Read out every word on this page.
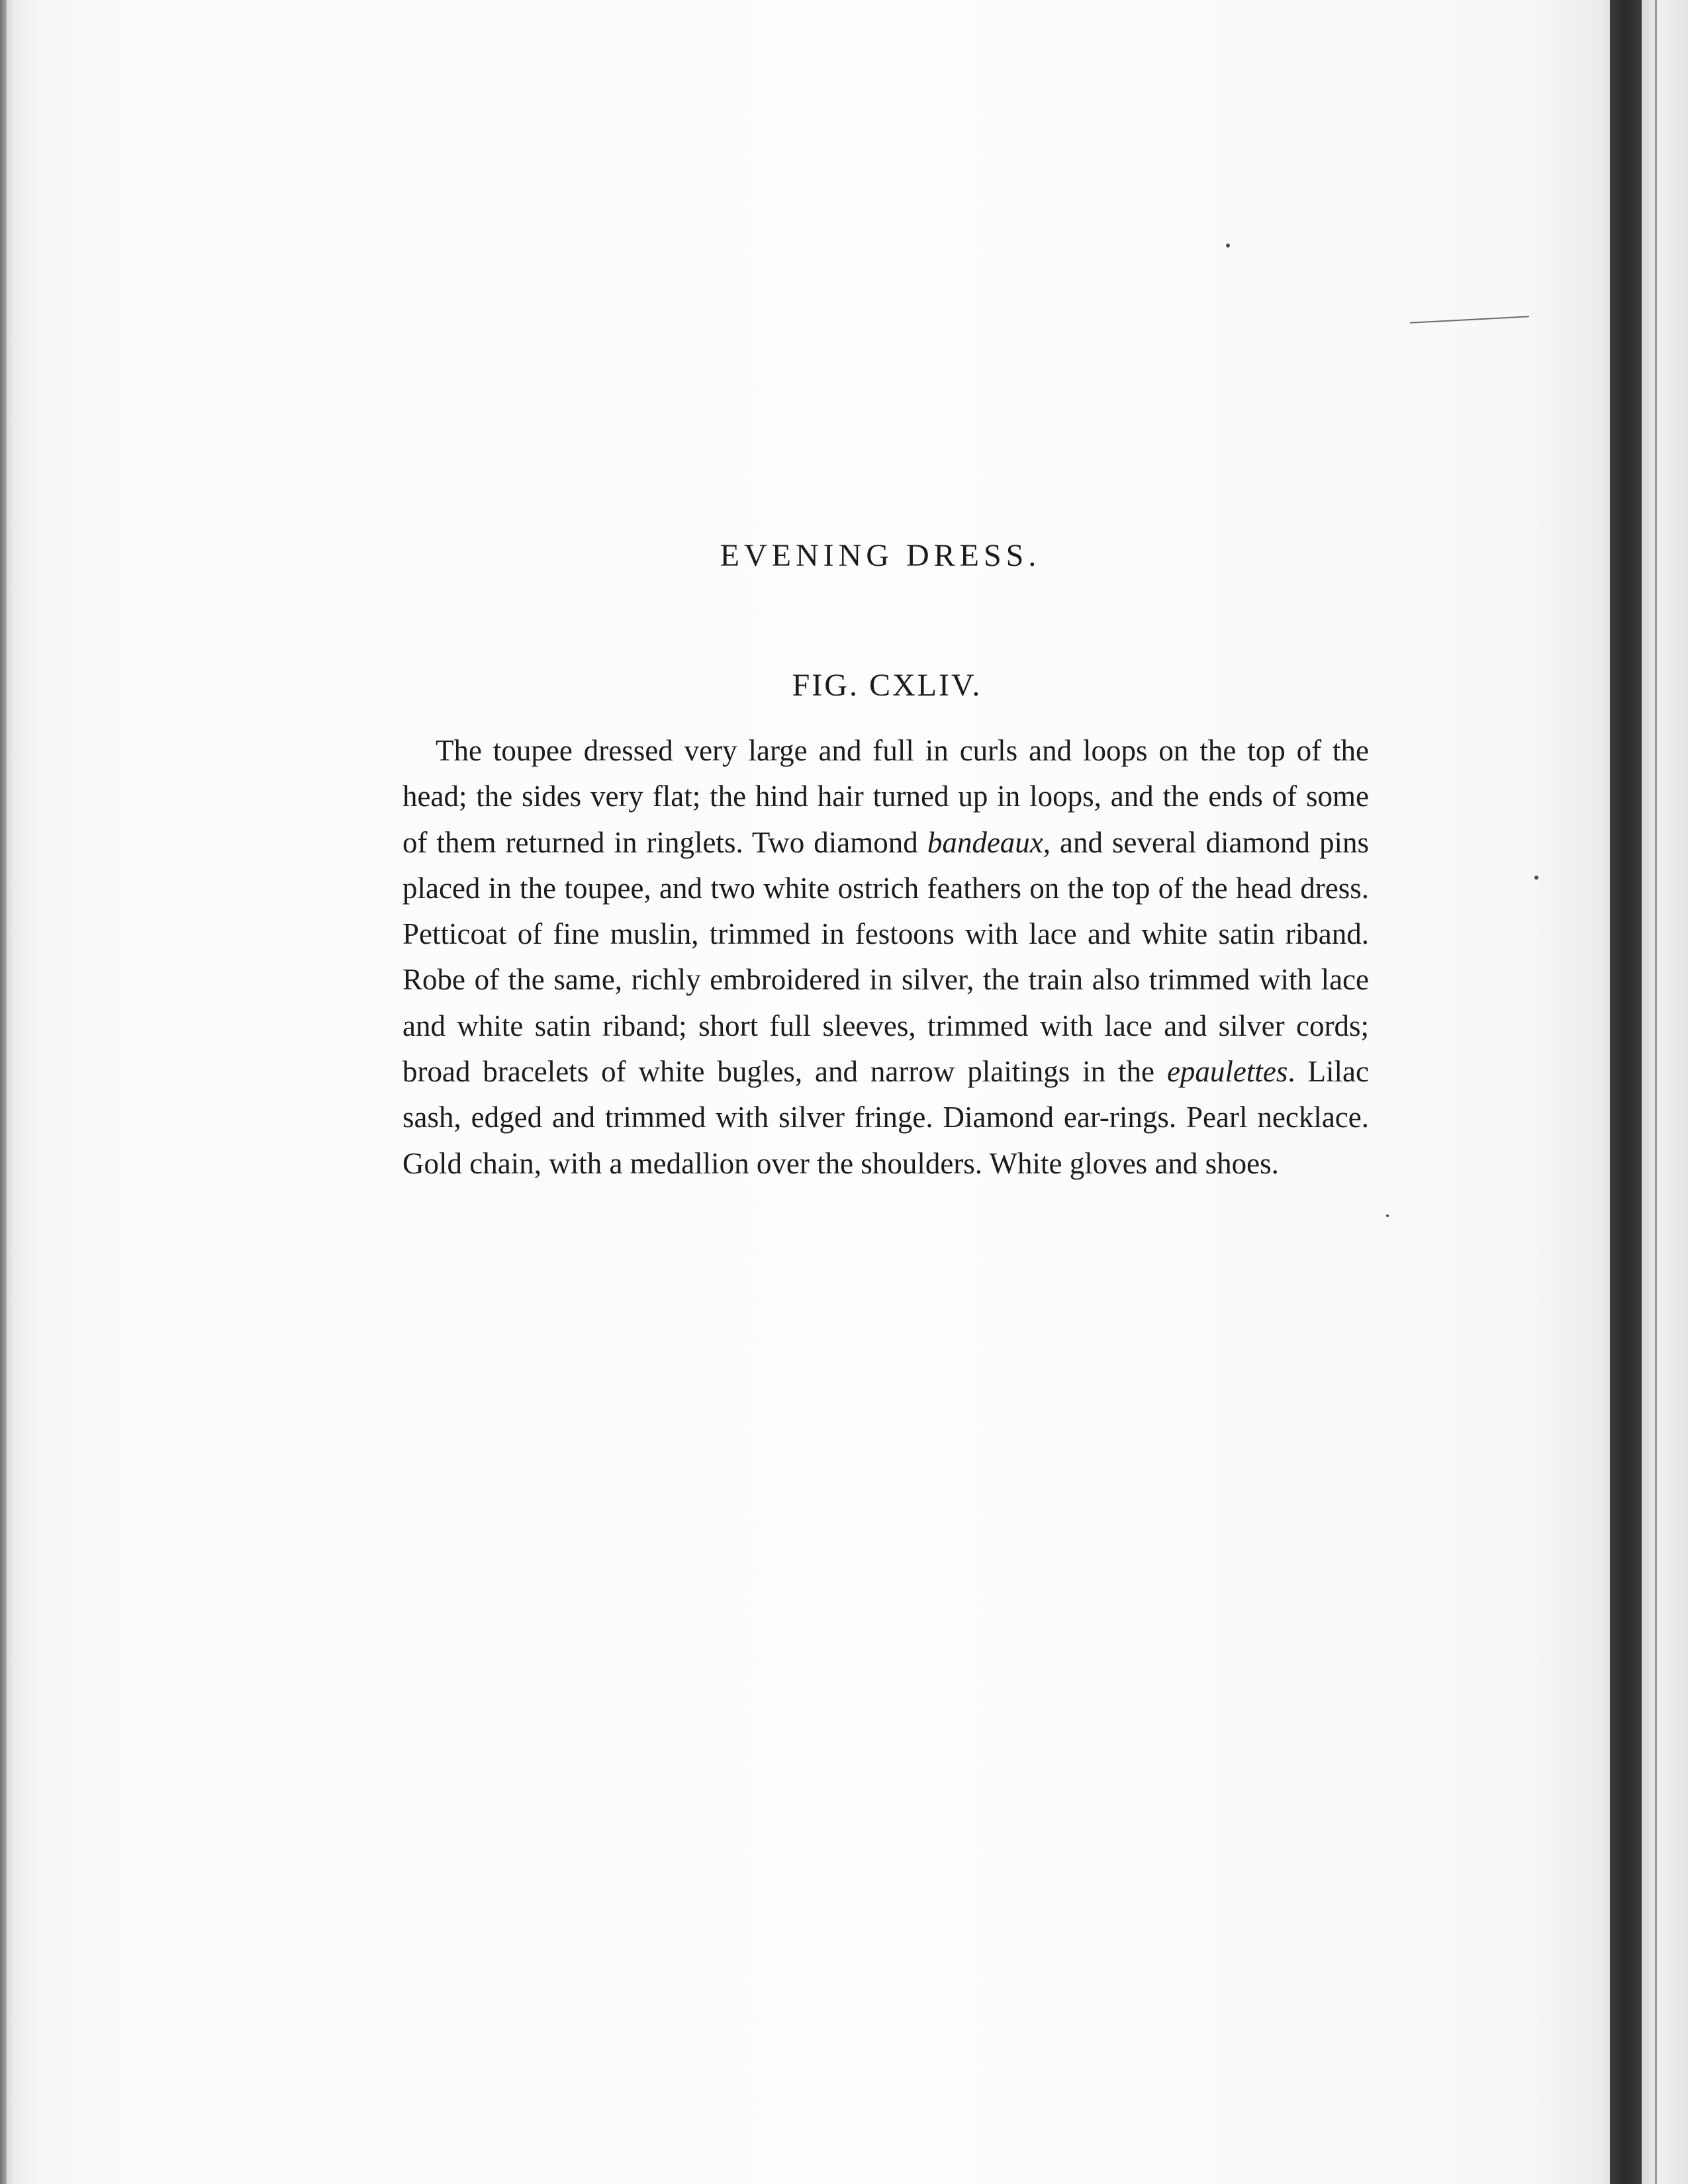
EVENING DRESS.
FIG. CXLIV.

The toupee dressed very large and full in curls and loops on the top of the head; the sides very flat; the hind hair turned up in loops, and the ends of some of them returned in ringlets. Two diamond bandeaux, and several diamond pins placed in the toupee, and two white ostrich feathers on the top of the head dress. Petticoat of fine muslin, trimmed in festoons with lace and white satin riband. Robe of the same, richly embroidered in silver, the train also trimmed with lace and white satin riband; short full sleeves, trimmed with lace and silver cords; broad bracelets of white bugles, and narrow plaitings in the epaulettes. Lilac sash, edged and trimmed with silver fringe. Diamond ear-rings. Pearl necklace. Gold chain, with a medallion over the shoulders. White gloves and shoes.
